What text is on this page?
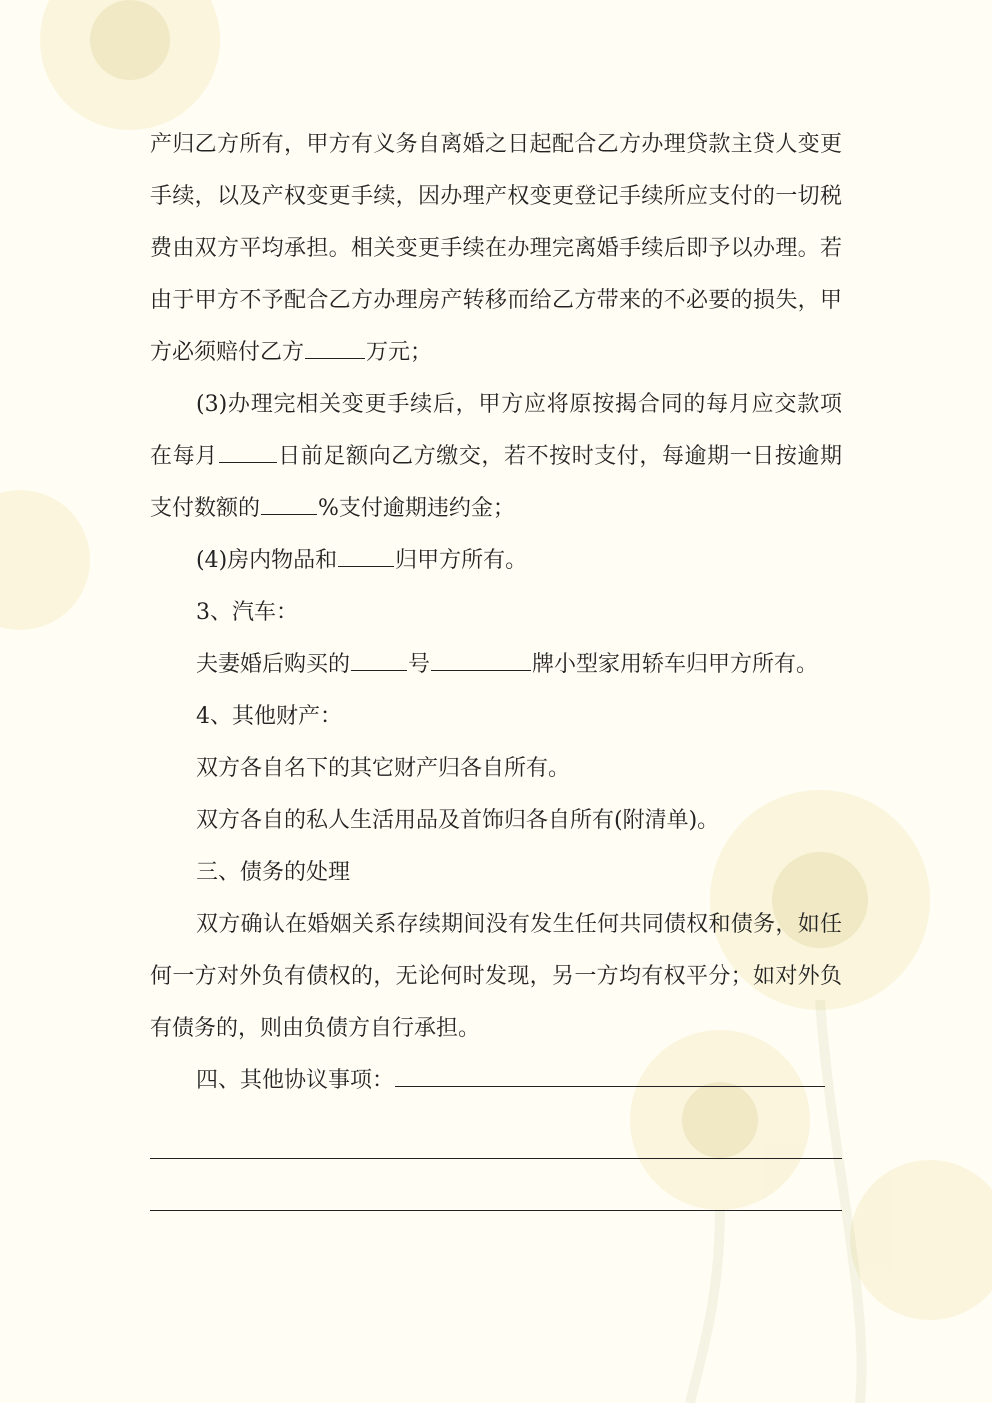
产归乙方所有，甲方有义务自离婚之日起配合乙方办理贷款主贷人变更手续，以及产权变更手续，因办理产权变更登记手续所应支付的一切税费由双方平均承担。相关变更手续在办理完离婚手续后即予以办理。若由于甲方不予配合乙方办理房产转移而给乙方带来的不必要的损失，甲方必须赔付乙方	万元；

(3)办理完相关变更手续后，甲方应将原按揭合同的每月应交款项在每月	日前足额向乙方缴交，若不按时支付，每逾期一日按逾期支付数额的	%支付逾期违约金；

(4)房内物品和	归甲方所有。

3、汽车：

夫妻婚后购买的	号	牌小型家用轿车归甲方所有。

4、其他财产：

双方各自名下的其它财产归各自所有。

双方各自的私人生活用品及首饰归各自所有(附清单)。

三、债务的处理

双方确认在婚姻关系存续期间没有发生任何共同债权和债务，如任何一方对外负有债权的，无论何时发现，另一方均有权平分；如对外负有债务的，则由负债方自行承担。

四、其他协议事项：
